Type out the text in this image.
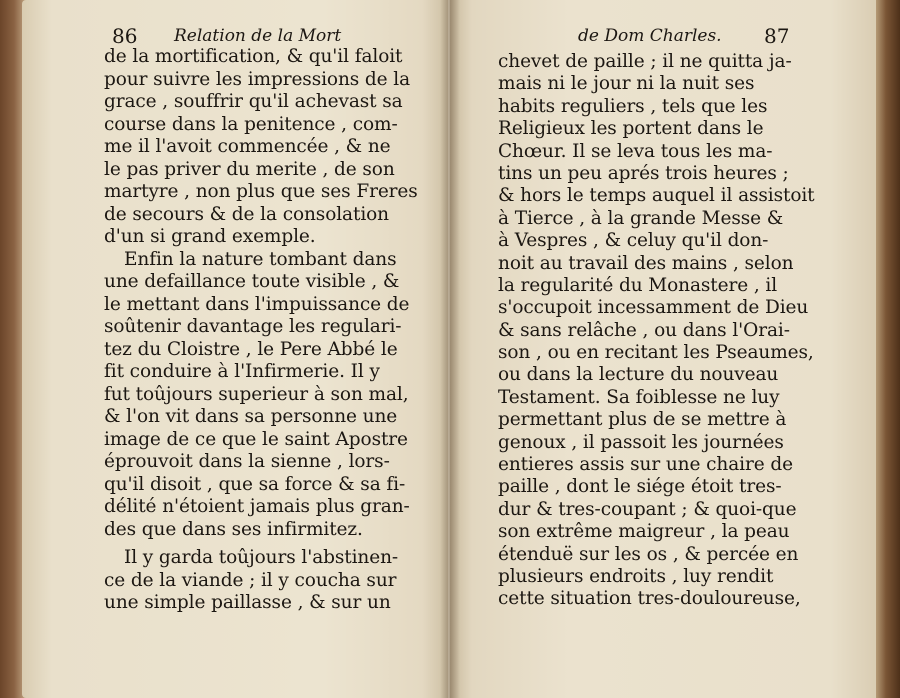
86 Relation de la Mort
de la mortification, & qu'il faloit
pour suivre les impressions de la
grace , souffrir qu'il achevast sa
course dans la penitence , com-
me il l'avoit commencée , & ne
le pas priver du merite , de son
martyre , non plus que ses Freres
de secours & de la consolation
d'un si grand exemple.
Enfin la nature tombant dans
une defaillance toute visible , &
le mettant dans l'impuissance de
soûtenir davantage les regulari-
tez du Cloistre , le Pere Abbé le
fit conduire à l'Infirmerie. Il y
fut toûjours superieur à son mal,
& l'on vit dans sa personne une
image de ce que le saint Apostre
éprouvoit dans la sienne , lors-
qu'il disoit , que sa force & sa fi-
délité n'étoient jamais plus gran-
des que dans ses infirmitez.
Il y garda toûjours l'abstinen-
ce de la viande ; il y coucha sur
une simple paillasse , & sur un
de Dom Charles. 87
chevet de paille ; il ne quitta ja-
mais ni le jour ni la nuit ses
habits reguliers , tels que les
Religieux les portent dans le
Chœur. Il se leva tous les ma-
tins un peu aprés trois heures ;
& hors le temps auquel il assistoit
à Tierce , à la grande Messe &
à Vespres , & celuy qu'il don-
noit au travail des mains , selon
la regularité du Monastere , il
s'occupoit incessamment de Dieu
& sans relâche , ou dans l'Orai-
son , ou en recitant les Pseaumes,
ou dans la lecture du nouveau
Testament. Sa foiblesse ne luy
permettant plus de se mettre à
genoux , il passoit les journées
entieres assis sur une chaire de
paille , dont le siége étoit tres-
dur & tres-coupant ; & quoi-que
son extrême maigreur , la peau
étenduë sur les os , & percée en
plusieurs endroits , luy rendit
cette situation tres-douloureuse,
